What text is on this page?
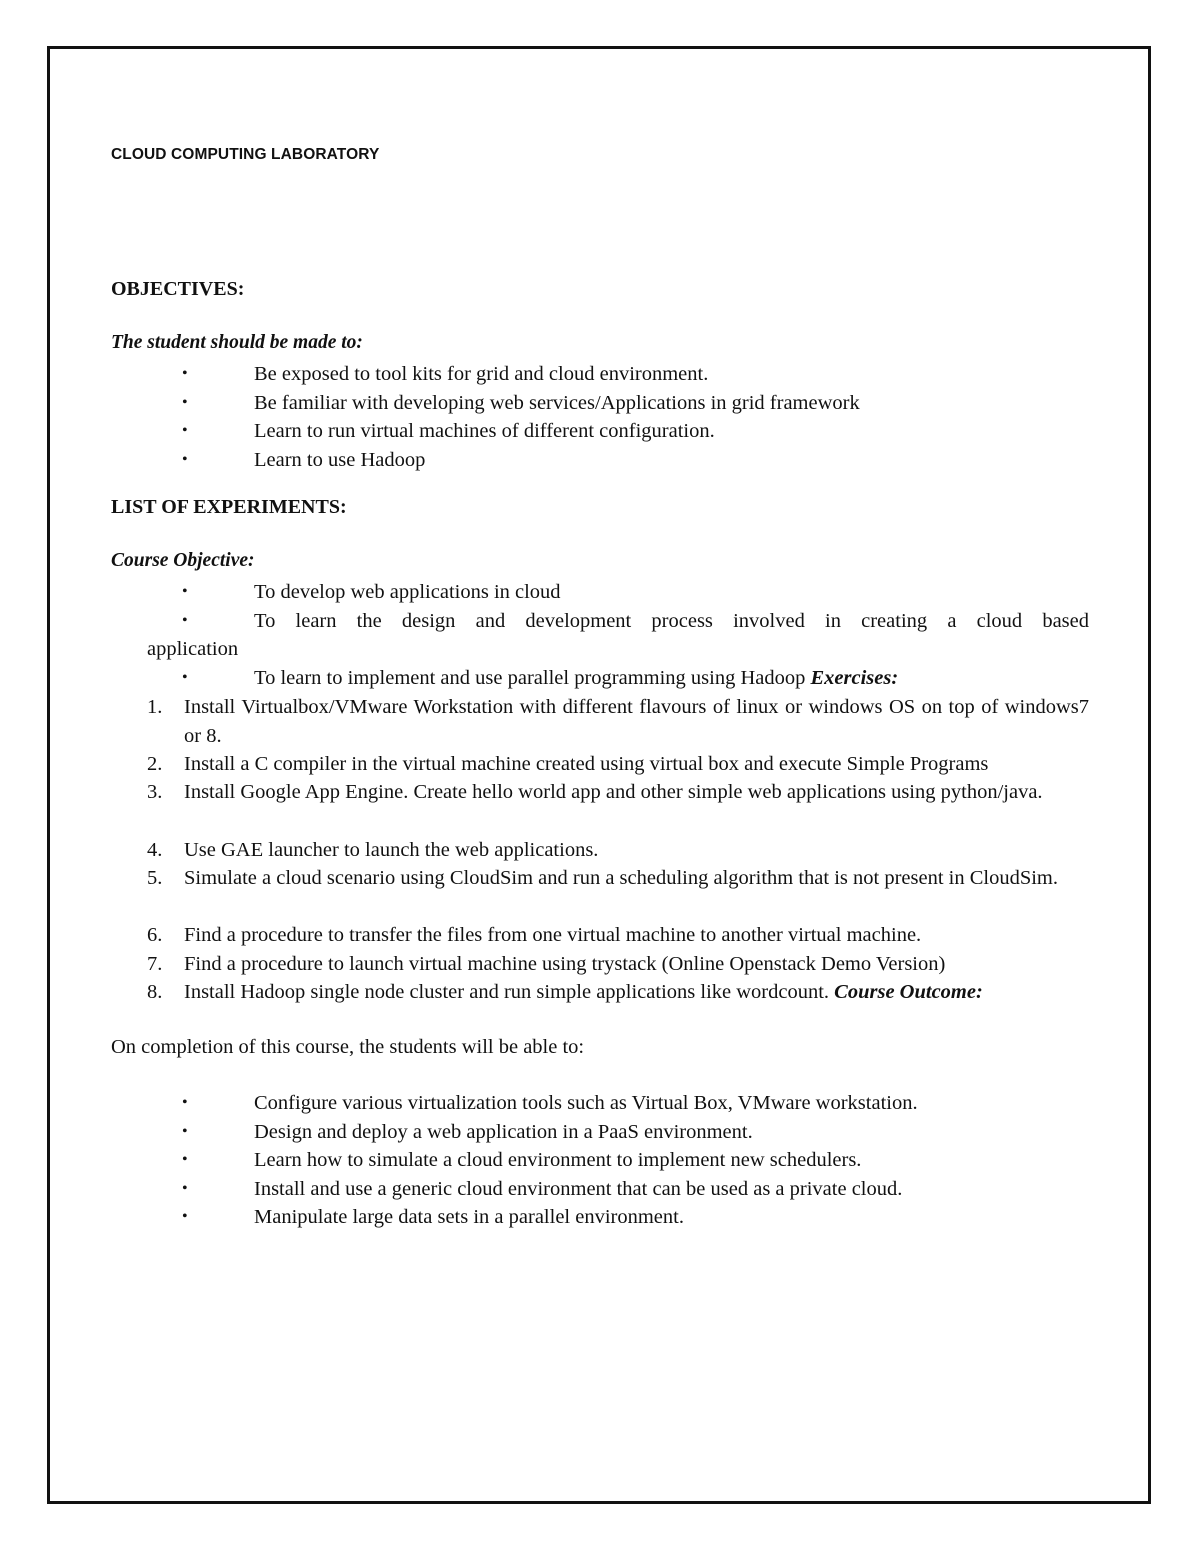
CLOUD COMPUTING LABORATORY
OBJECTIVES:
The student should be made to:
•	Be exposed to tool kits for grid and cloud environment.
•	Be familiar with developing web services/Applications in grid framework
•	Learn to run virtual machines of different configuration.
•	Learn to use Hadoop
LIST OF EXPERIMENTS:
Course Objective:
•	To develop web applications in cloud
•	To learn the design and development process involved in creating a cloud based
application
•	To learn to implement and use parallel programming using Hadoop Exercises:
1. Install Virtualbox/VMware Workstation with different flavours of linux or windows OS on top of windows7 or 8.
2. Install a C compiler in the virtual machine created using virtual box and execute Simple Programs
3. Install Google App Engine. Create hello world app and other simple web applications using python/java.
4. Use GAE launcher to launch the web applications.
5. Simulate a cloud scenario using CloudSim and run a scheduling algorithm that is not present in CloudSim.
6. Find a procedure to transfer the files from one virtual machine to another virtual machine.
7. Find a procedure to launch virtual machine using trystack (Online Openstack Demo Version)
8. Install Hadoop single node cluster and run simple applications like wordcount. Course Outcome:
On completion of this course, the students will be able to:
•	Configure various virtualization tools such as Virtual Box, VMware workstation.
•	Design and deploy a web application in a PaaS environment.
•	Learn how to simulate a cloud environment to implement new schedulers.
•	Install and use a generic cloud environment that can be used as a private cloud.
•	Manipulate large data sets in a parallel environment.
